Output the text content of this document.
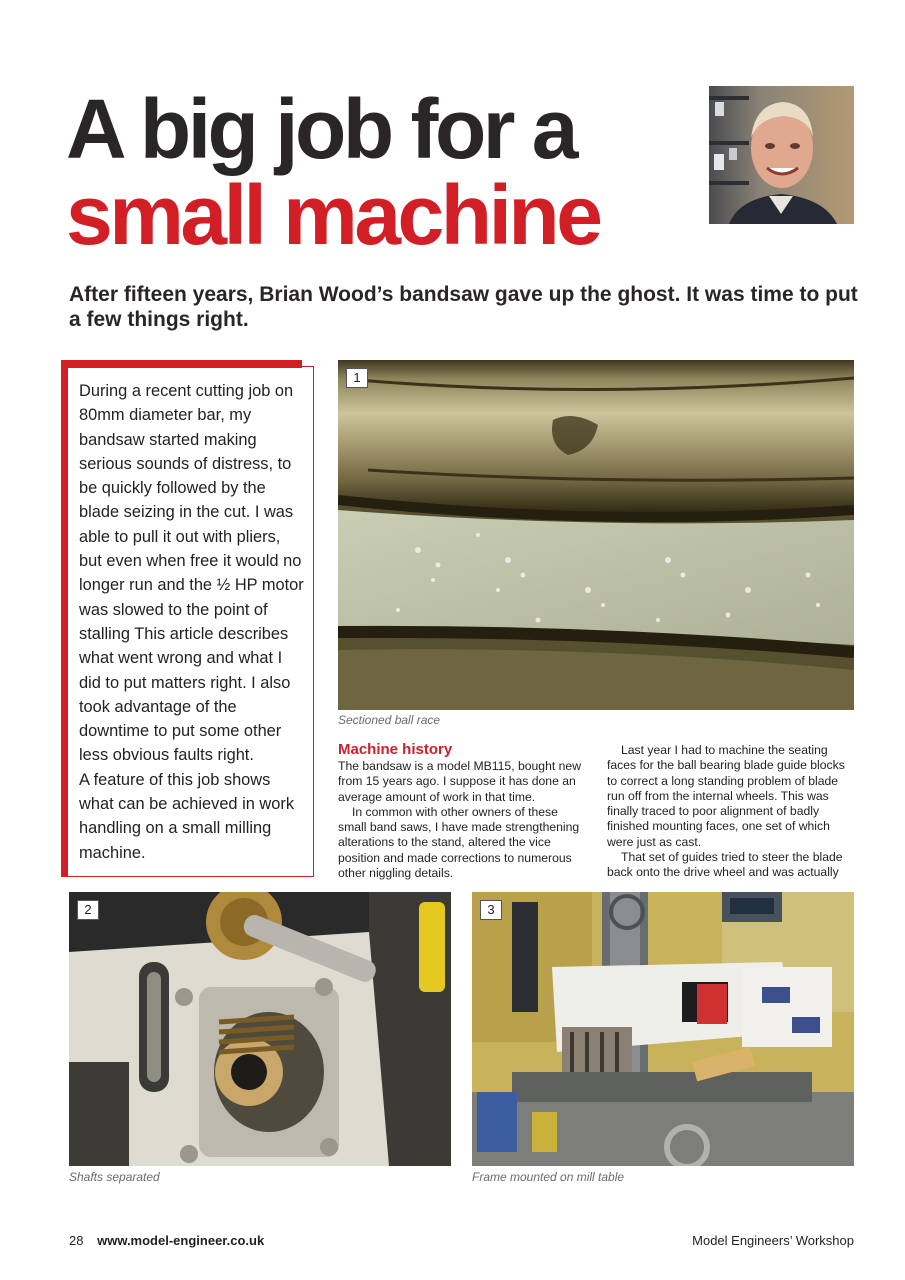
A big job for a
small machine

After fifteen years, Brian Wood’s bandsaw gave up the ghost. It was time to put a few things right.

During a recent cutting job on 80mm diameter bar, my bandsaw started making serious sounds of distress, to be quickly followed by the blade seizing in the cut. I was able to pull it out with pliers, but even when free it would no longer run and the ½ HP motor was slowed to the point of stalling This article describes what went wrong and what I did to put matters right. I also took advantage of the downtime to put some other less obvious faults right.

A feature of this job shows what can be achieved in work handling on a small milling machine.

1

Sectioned ball race

Machine history

The bandsaw is a model MB115, bought new from 15 years ago. I suppose it has done an average amount of work in that time.

In common with other owners of these small band saws, I have made strengthening alterations to the stand, altered the vice position and made corrections to numerous other niggling details.

Last year I had to machine the seating faces for the ball bearing blade guide blocks to correct a long standing problem of blade run off from the internal wheels. This was finally traced to poor alignment of badly finished mounting faces, one set of which were just as cast.

That set of guides tried to steer the blade back onto the drive wheel and was actually

2

Shafts separated

3

Frame mounted on mill table

28 www.model-engineer.co.uk	Model Engineers’ Workshop
